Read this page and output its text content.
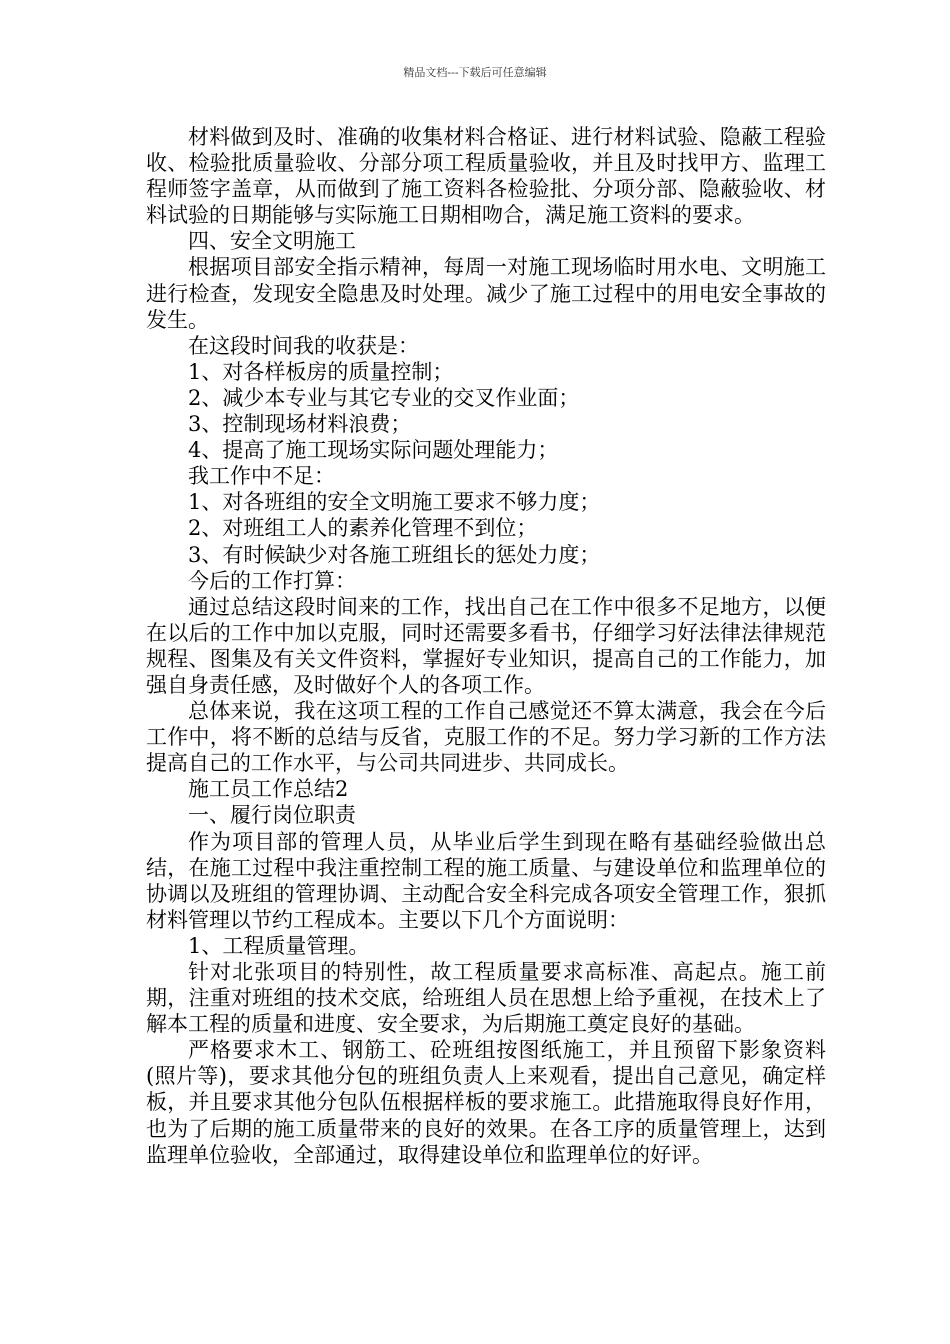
精品文档---下载后可任意编辑

材料做到及时、准确的收集材料合格证、进行材料试验、隐蔽工程验收、检验批质量验收、分部分项工程质量验收，并且及时找甲方、监理工程师签字盖章，从而做到了施工资料各检验批、分项分部、隐蔽验收、材料试验的日期能够与实际施工日期相吻合，满足施工资料的要求。

四、安全文明施工

根据项目部安全指示精神，每周一对施工现场临时用水电、文明施工进行检查，发现安全隐患及时处理。减少了施工过程中的用电安全事故的发生。

在这段时间我的收获是：

1、对各样板房的质量控制；

2、减少本专业与其它专业的交叉作业面；

3、控制现场材料浪费；

4、提高了施工现场实际问题处理能力；

我工作中不足：

1、对各班组的安全文明施工要求不够力度；

2、对班组工人的素养化管理不到位；

3、有时候缺少对各施工班组长的惩处力度；

今后的工作打算：

通过总结这段时间来的工作，找出自己在工作中很多不足地方，以便在以后的工作中加以克服，同时还需要多看书，仔细学习好法律法律规范规程、图集及有关文件资料，掌握好专业知识，提高自己的工作能力，加强自身责任感，及时做好个人的各项工作。

总体来说，我在这项工程的工作自己感觉还不算太满意，我会在今后工作中，将不断的总结与反省，克服工作的不足。努力学习新的工作方法提高自己的工作水平，与公司共同进步、共同成长。

施工员工作总结2

一、履行岗位职责

作为项目部的管理人员，从毕业后学生到现在略有基础经验做出总结，在施工过程中我注重控制工程的施工质量、与建设单位和监理单位的协调以及班组的管理协调、主动配合安全科完成各项安全管理工作，狠抓材料管理以节约工程成本。主要以下几个方面说明：

1、工程质量管理。

针对北张项目的特别性，故工程质量要求高标准、高起点。施工前期，注重对班组的技术交底，给班组人员在思想上给予重视，在技术上了解本工程的质量和进度、安全要求，为后期施工奠定良好的基础。

严格要求木工、钢筋工、砼班组按图纸施工，并且预留下影象资料(照片等)，要求其他分包的班组负责人上来观看，提出自己意见，确定样板，并且要求其他分包队伍根据样板的要求施工。此措施取得良好作用，也为了后期的施工质量带来的良好的效果。在各工序的质量管理上，达到监理单位验收，全部通过，取得建设单位和监理单位的好评。
